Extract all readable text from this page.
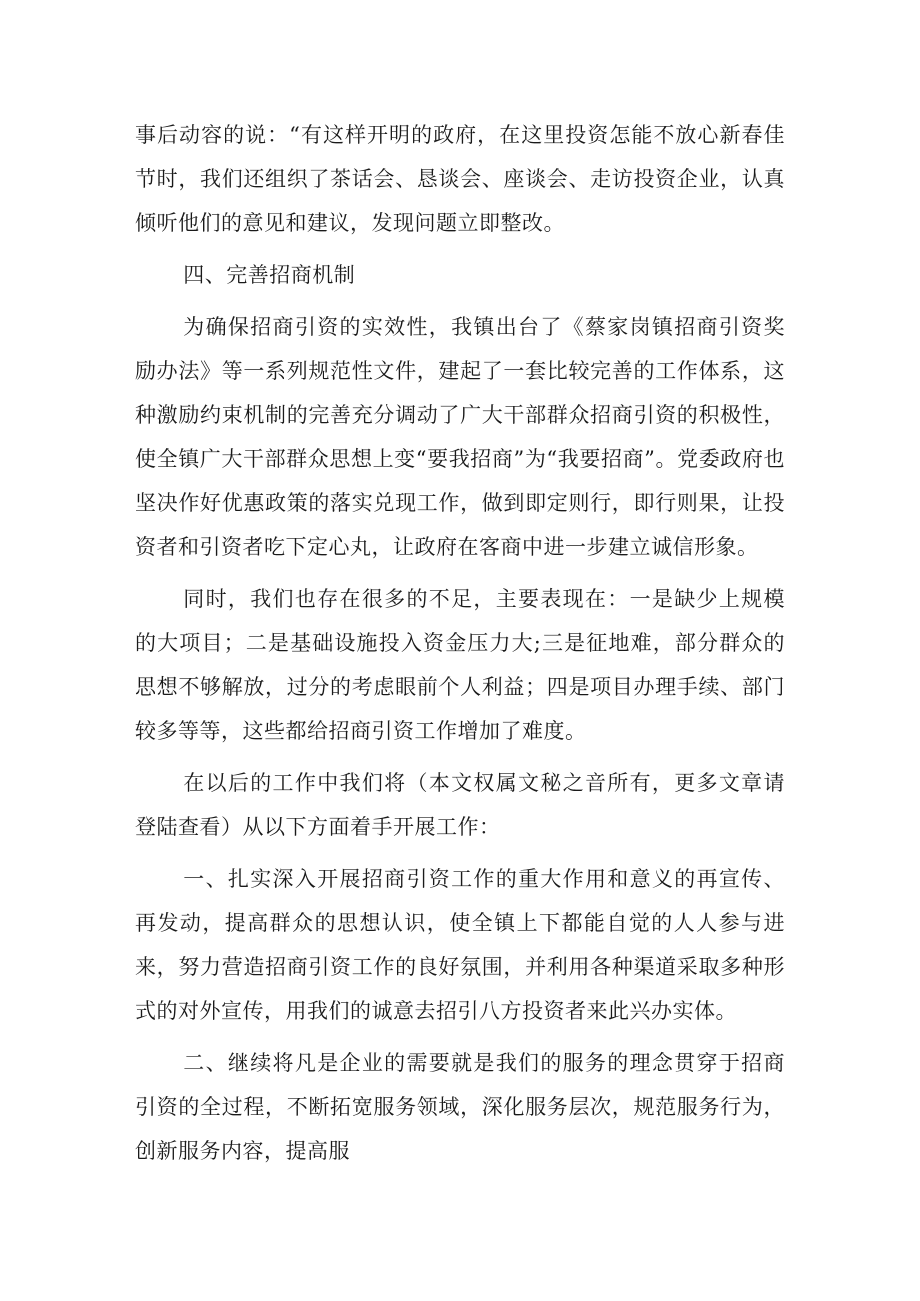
事后动容的说：“有这样开明的政府，在这里投资怎能不放心新春佳节时，我们还组织了茶话会、恳谈会、座谈会、走访投资企业，认真倾听他们的意见和建议，发现问题立即整改。

四、完善招商机制

为确保招商引资的实效性，我镇出台了《蔡家岗镇招商引资奖励办法》等一系列规范性文件，建起了一套比较完善的工作体系，这种激励约束机制的完善充分调动了广大干部群众招商引资的积极性，使全镇广大干部群众思想上变“要我招商”为“我要招商”。党委政府也坚决作好优惠政策的落实兑现工作，做到即定则行，即行则果，让投资者和引资者吃下定心丸，让政府在客商中进一步建立诚信形象。

同时，我们也存在很多的不足，主要表现在：一是缺少上规模的大项目；二是基础设施投入资金压力大;三是征地难，部分群众的思想不够解放，过分的考虑眼前个人利益；四是项目办理手续、部门较多等等，这些都给招商引资工作增加了难度。

在以后的工作中我们将（本文权属文秘之音所有，更多文章请登陆查看）从以下方面着手开展工作：

一、扎实深入开展招商引资工作的重大作用和意义的再宣传、再发动，提高群众的思想认识，使全镇上下都能自觉的人人参与进来，努力营造招商引资工作的良好氛围，并利用各种渠道采取多种形式的对外宣传，用我们的诚意去招引八方投资者来此兴办实体。

二、继续将凡是企业的需要就是我们的服务的理念贯穿于招商引资的全过程，不断拓宽服务领域，深化服务层次，规范服务行为，创新服务内容，提高服
